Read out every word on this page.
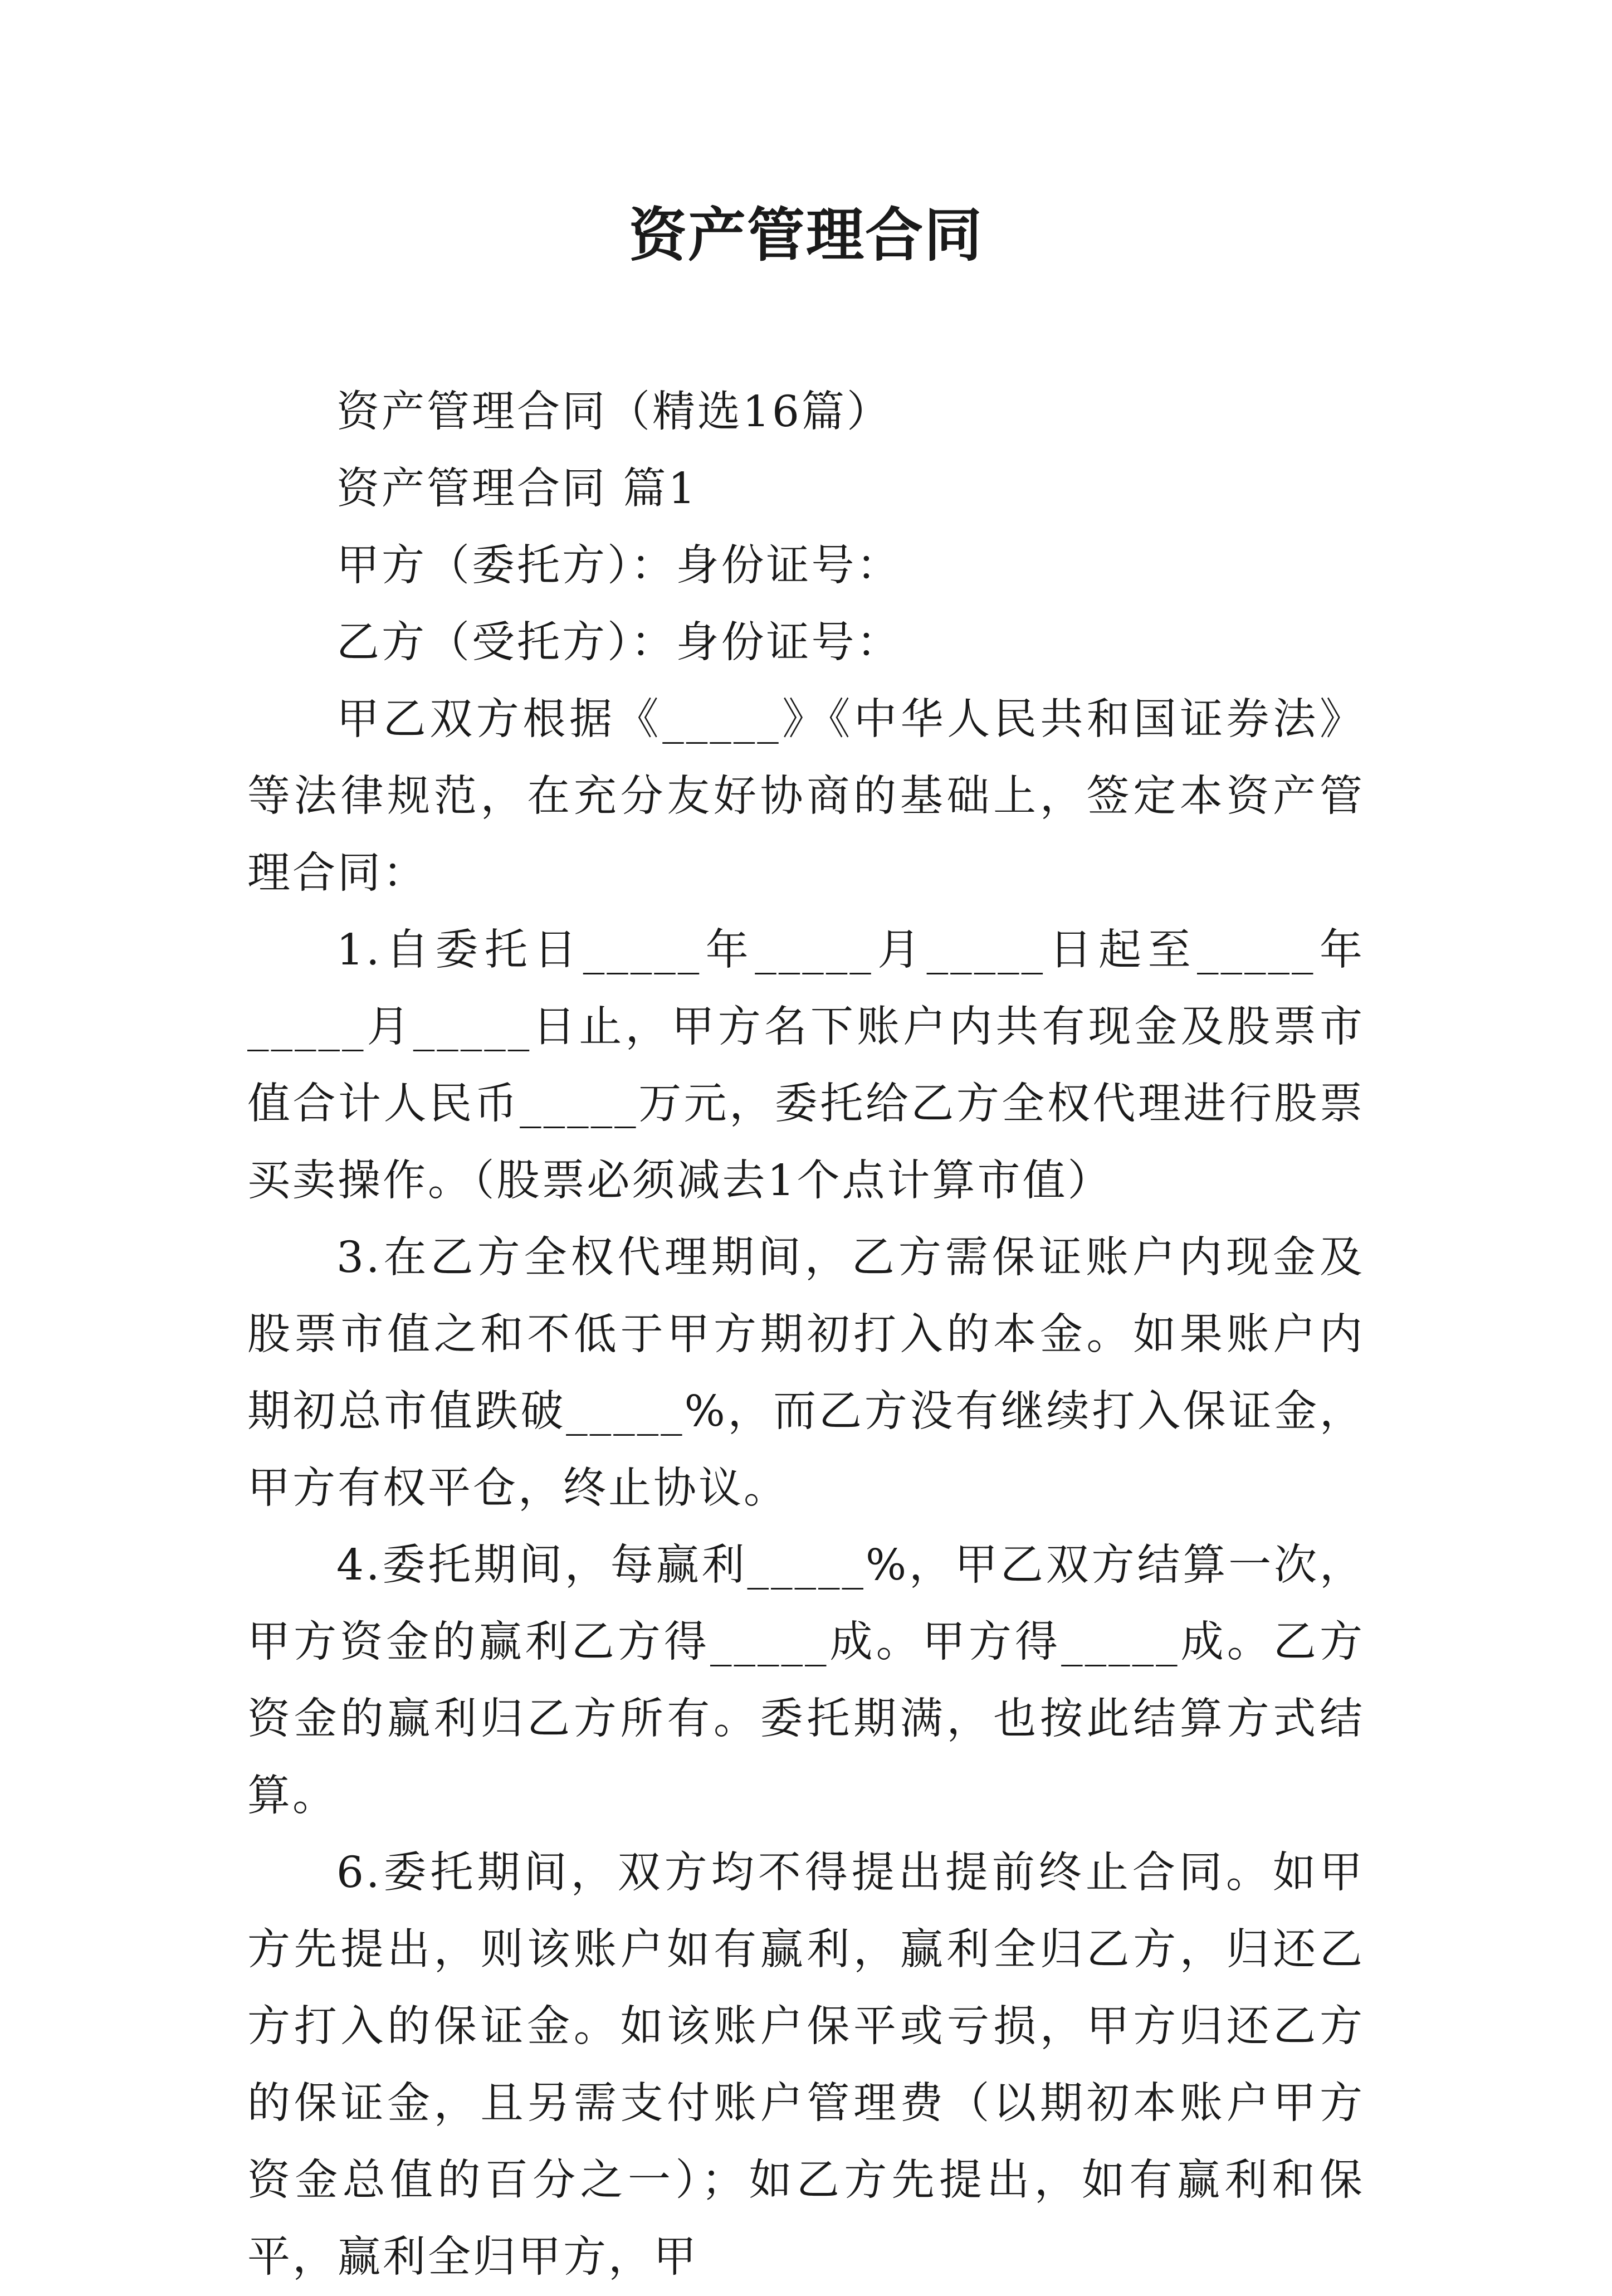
资产管理合同

资产管理合同（精选16篇）

资产管理合同 篇1

甲方（委托方）：身份证号：

乙方（受托方）：身份证号：

甲乙双方根据《_____》《中华人民共和国证券法》等法律规范，在充分友好协商的基础上，签定本资产管理合同：

1.自委托日_____年_____月_____日起至_____年_____月_____日止，甲方名下账户内共有现金及股票市值合计人民币_____万元，委托给乙方全权代理进行股票买卖操作。（股票必须减去1个点计算市值）

3.在乙方全权代理期间，乙方需保证账户内现金及股票市值之和不低于甲方期初打入的本金。如果账户内期初总市值跌破_____%，而乙方没有继续打入保证金，甲方有权平仓，终止协议。

4.委托期间，每赢利_____%，甲乙双方结算一次，甲方资金的赢利乙方得_____成。甲方得_____成。乙方资金的赢利归乙方所有。委托期满，也按此结算方式结算。

6.委托期间，双方均不得提出提前终止合同。如甲方先提出，则该账户如有赢利，赢利全归乙方，归还乙方打入的保证金。如该账户保平或亏损，甲方归还乙方的保证金，且另需支付账户管理费（以期初本账户甲方资金总值的百分之一）；如乙方先提出，如有赢利和保平，赢利全归甲方，甲
